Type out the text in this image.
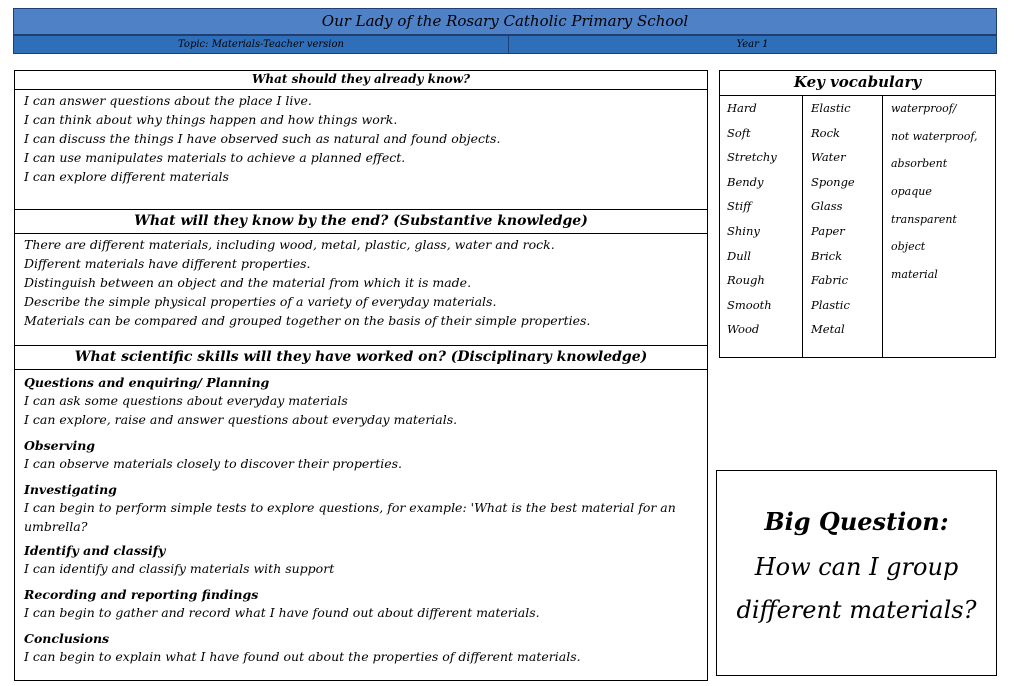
Our Lady of the Rosary Catholic Primary School
Topic: Materials-Teacher version	Year 1
What should they already know?
I can answer questions about the place I live.
I can think about why things happen and how things work.
I can discuss the things I have observed such as natural and found objects.
I can use manipulates materials to achieve a planned effect.
I can explore different materials
What will they know by the end? (Substantive knowledge)
There are different materials, including wood, metal, plastic, glass, water and rock.
Different materials have different properties.
Distinguish between an object and the material from which it is made.
Describe the simple physical properties of a variety of everyday materials.
Materials can be compared and grouped together on the basis of their simple properties.
What scientific skills will they have worked on? (Disciplinary knowledge)
Questions and enquiring/ Planning
I can ask some questions about everyday materials
I can explore, raise and answer questions about everyday materials.
Observing
I can observe materials closely to discover their properties.
Investigating
I can begin to perform simple tests to explore questions, for example: 'What is the best material for an umbrella?
Identify and classify
I can identify and classify materials with support
Recording and reporting findings
I can begin to gather and record what I have found out about different materials.
Conclusions
I can begin to explain what I have found out about the properties of different materials.
Key vocabulary
Hard
Soft
Stretchy
Bendy
Stiff
Shiny
Dull
Rough
Smooth
Wood
Elastic
Rock
Water
Sponge
Glass
Paper
Brick
Fabric
Plastic
Metal
waterproof/
not waterproof,
absorbent
opaque
transparent
object
material
Big Question:
How can I group different materials?
